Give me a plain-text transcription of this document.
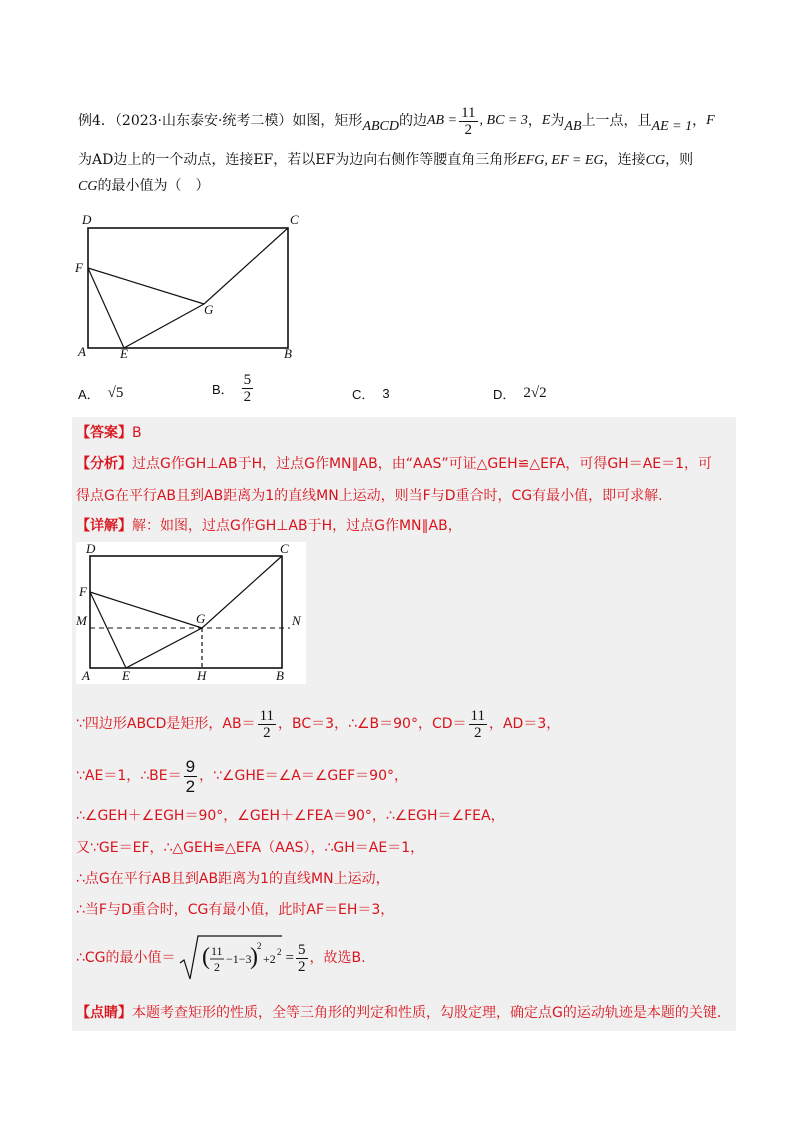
例4．（2023·山东泰安·统考二模）如图，矩形 ABCD 的边 AB = $\frac{11}{2}$ , BC = 3 ， E 为 AB 上一点，且 AE = 1 ， F
为AD边上的一个动点，连接EF，若以EF为边向右侧作等腰直角三角形EFG, EF = EG，连接CG，则
CG的最小值为（　）
D	C
F
G
A	E	B
A． √5	B． $\frac{5}{2}$	C． 3	D． 2√2
【答案】B
【分析】过点G作GH⊥AB于H，过点G作MN∥AB，由“AAS”可证△GEH≌△EFA，可得GH＝AE＝1，可
得点G在平行AB且到AB距离为1的直线MN上运动，则当F与D重合时，CG有最小值，即可求解.
【详解】解：如图，过点G作GH⊥AB于H，过点G作MN∥AB，
D	C
F
M	G	N
A E	H	B
∵四边形ABCD是矩形，$AB= \frac{11}{2}$ ，BC＝3，∴∠B＝90°，$CD= \frac{11}{2}$ ，AD＝3，
∵AE＝1，∴BE＝ $\frac{9}{2}$ ，∵∠GHE＝∠A＝∠GEF＝90°，
∴∠GEH＋∠EGH＝90°，∠GEH＋∠FEA＝90°，∴∠EGH＝∠FEA，
又∵GE＝EF，∴△GEH≌△EFA（AAS），∴GH＝AE＝1，
∴点G在平行AB且到AB距离为1的直线MN上运动，
∴当F与D重合时，CG有最小值，此时AF＝EH＝3，
∴CG的最小值＝ ( 11
2
−1−3
) 2
+2 $2 = \frac{5}{2}$ ，故选B.
【点睛】本题考查矩形的性质，全等三角形的判定和性质，勾股定理，确定点G的运动轨迹是本题的关键.
